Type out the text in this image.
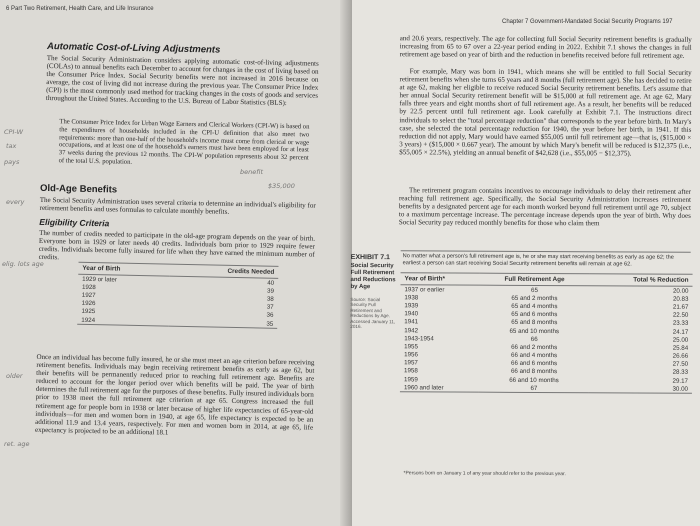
6 Part Two Retirement, Health Care, and Life Insurance
Automatic Cost-of-Living Adjustments

The Social Security Administration considers applying automatic cost-of-living adjustments (COLAs) to annual benefits each December to account for changes in the cost of living based on the Consumer Price Index. Social Security benefits were not increased in 2016 because on average, the cost of living did not increase during the previous year. The Consumer Price Index (CPI) is the most commonly used method for tracking changes in the costs of goods and services throughout the United States. According to the U.S. Bureau of Labor Statistics (BLS):

The Consumer Price Index for Urban Wage Earners and Clerical Workers (CPI-W) is based on the expenditures of households included in the CPI-U definition that also meet two requirements: more than one-half of the household's income must come from clerical or wage occupations, and at least one of the household's earners must have been employed for at least 37 weeks during the previous 12 months. The CPI-W population represents about 32 percent of the total U.S. population.

Old-Age Benefits

The Social Security Administration uses several criteria to determine an individual's eligibility for retirement benefits and uses formulas to calculate monthly benefits.

Eligibility Criteria

The number of credits needed to participate in the old-age program depends on the year of birth. Everyone born in 1929 or later needs 40 credits. Individuals born prior to 1929 require fewer credits. Individuals become fully insured for life when they have earned the minimum number of credits.

Year of Birth	Credits Needed
1929 or later	40
1928	39
1927	38
1926	37
1925	36
1924	35

Once an individual has become fully insured, he or she must meet an age criterion before receiving retirement benefits. Individuals may begin receiving retirement benefits as early as age 62, but their benefits will be permanently reduced prior to reaching full retirement age. Benefits are reduced to account for the longer period over which benefits will be paid. The year of birth determines the full retirement age for the purposes of these benefits. Fully insured individuals born prior to 1938 meet the full retirement age criterion at age 65. Congress increased the full retirement age for people born in 1938 or later because of higher life expectancies of 65-year-old individuals—for men and women born in 1940, at age 65, life expectancy is expected to be an additional 11.9 and 13.4 years, respectively. For men and women born in 2014, at age 65, life expectancy is projected to be an additional 18.1

CPI-W
tax
pays
every
elig. lots age
older
ret. age
benefit
$35,000
Chapter 7 Government-Mandated Social Security Programs 197

and 20.6 years, respectively. The age for collecting full Social Security retirement benefits is gradually increasing from 65 to 67 over a 22-year period ending in 2022. Exhibit 7.1 shows the changes in full retirement age based on year of birth and the reduction in benefits received before full retirement age.

For example, Mary was born in 1941, which means she will be entitled to full Social Security retirement benefits when she turns 65 years and 8 months (full retirement age). She has decided to retire at age 62, making her eligible to receive reduced Social Security retirement benefits. Let's assume that her annual Social Security retirement benefit will be $15,000 at full retirement age. At age 62, Mary falls three years and eight months short of full retirement age. As a result, her benefits will be reduced by 22.5 percent until full retirement age. Look carefully at Exhibit 7.1. The instructions direct individuals to select the "total percentage reduction" that corresponds to the year before birth. In Mary's case, she selected the total percentage reduction for 1940, the year before her birth, in 1941. If this reduction did not apply, Mary would have earned $55,005 until full retirement age—that is, ($15,000 × 3 years) + ($15,000 × 0.667 year). The amount by which Mary's benefit will be reduced is $12,375 (i.e., $55,005 × 22.5%), yielding an annual benefit of $42,628 (i.e., $55,005 − $12,375).

The retirement program contains incentives to encourage individuals to delay their retirement after reaching full retirement age. Specifically, the Social Security Administration increases retirement benefits by a designated percent age for each month worked beyond full retirement until age 70, subject to a maximum percentage increase. The percentage increase depends upon the year of birth. Why does Social Security pay reduced monthly benefits for those who claim them

EXHIBIT 7.1
Social Security Full Retirement and Reductions by Age
Source: Social Security Full Retirement and Reductions by Age. Accessed January 11, 2016.
No matter what a person's full retirement age is, he or she may start receiving benefits as early as age 62; the earliest a person can start receiving Social Security retirement benefits will remain at age 62.
Year of Birth*	Full Retirement Age	Total % Reduction
1937 or earlier	65	20.00
1938	65 and 2 months	20.83
1939	65 and 4 months	21.67
1940	65 and 6 months	22.50
1941	65 and 8 months	23.33
1942	65 and 10 months	24.17
1943-1954	66	25.00
1955	66 and 2 months	25.84
1956	66 and 4 months	26.66
1957	66 and 6 months	27.50
1958	66 and 8 months	28.33
1959	66 and 10 months	29.17
1960 and later	67	30.00
*Persons born on January 1 of any year should refer to the previous year.
